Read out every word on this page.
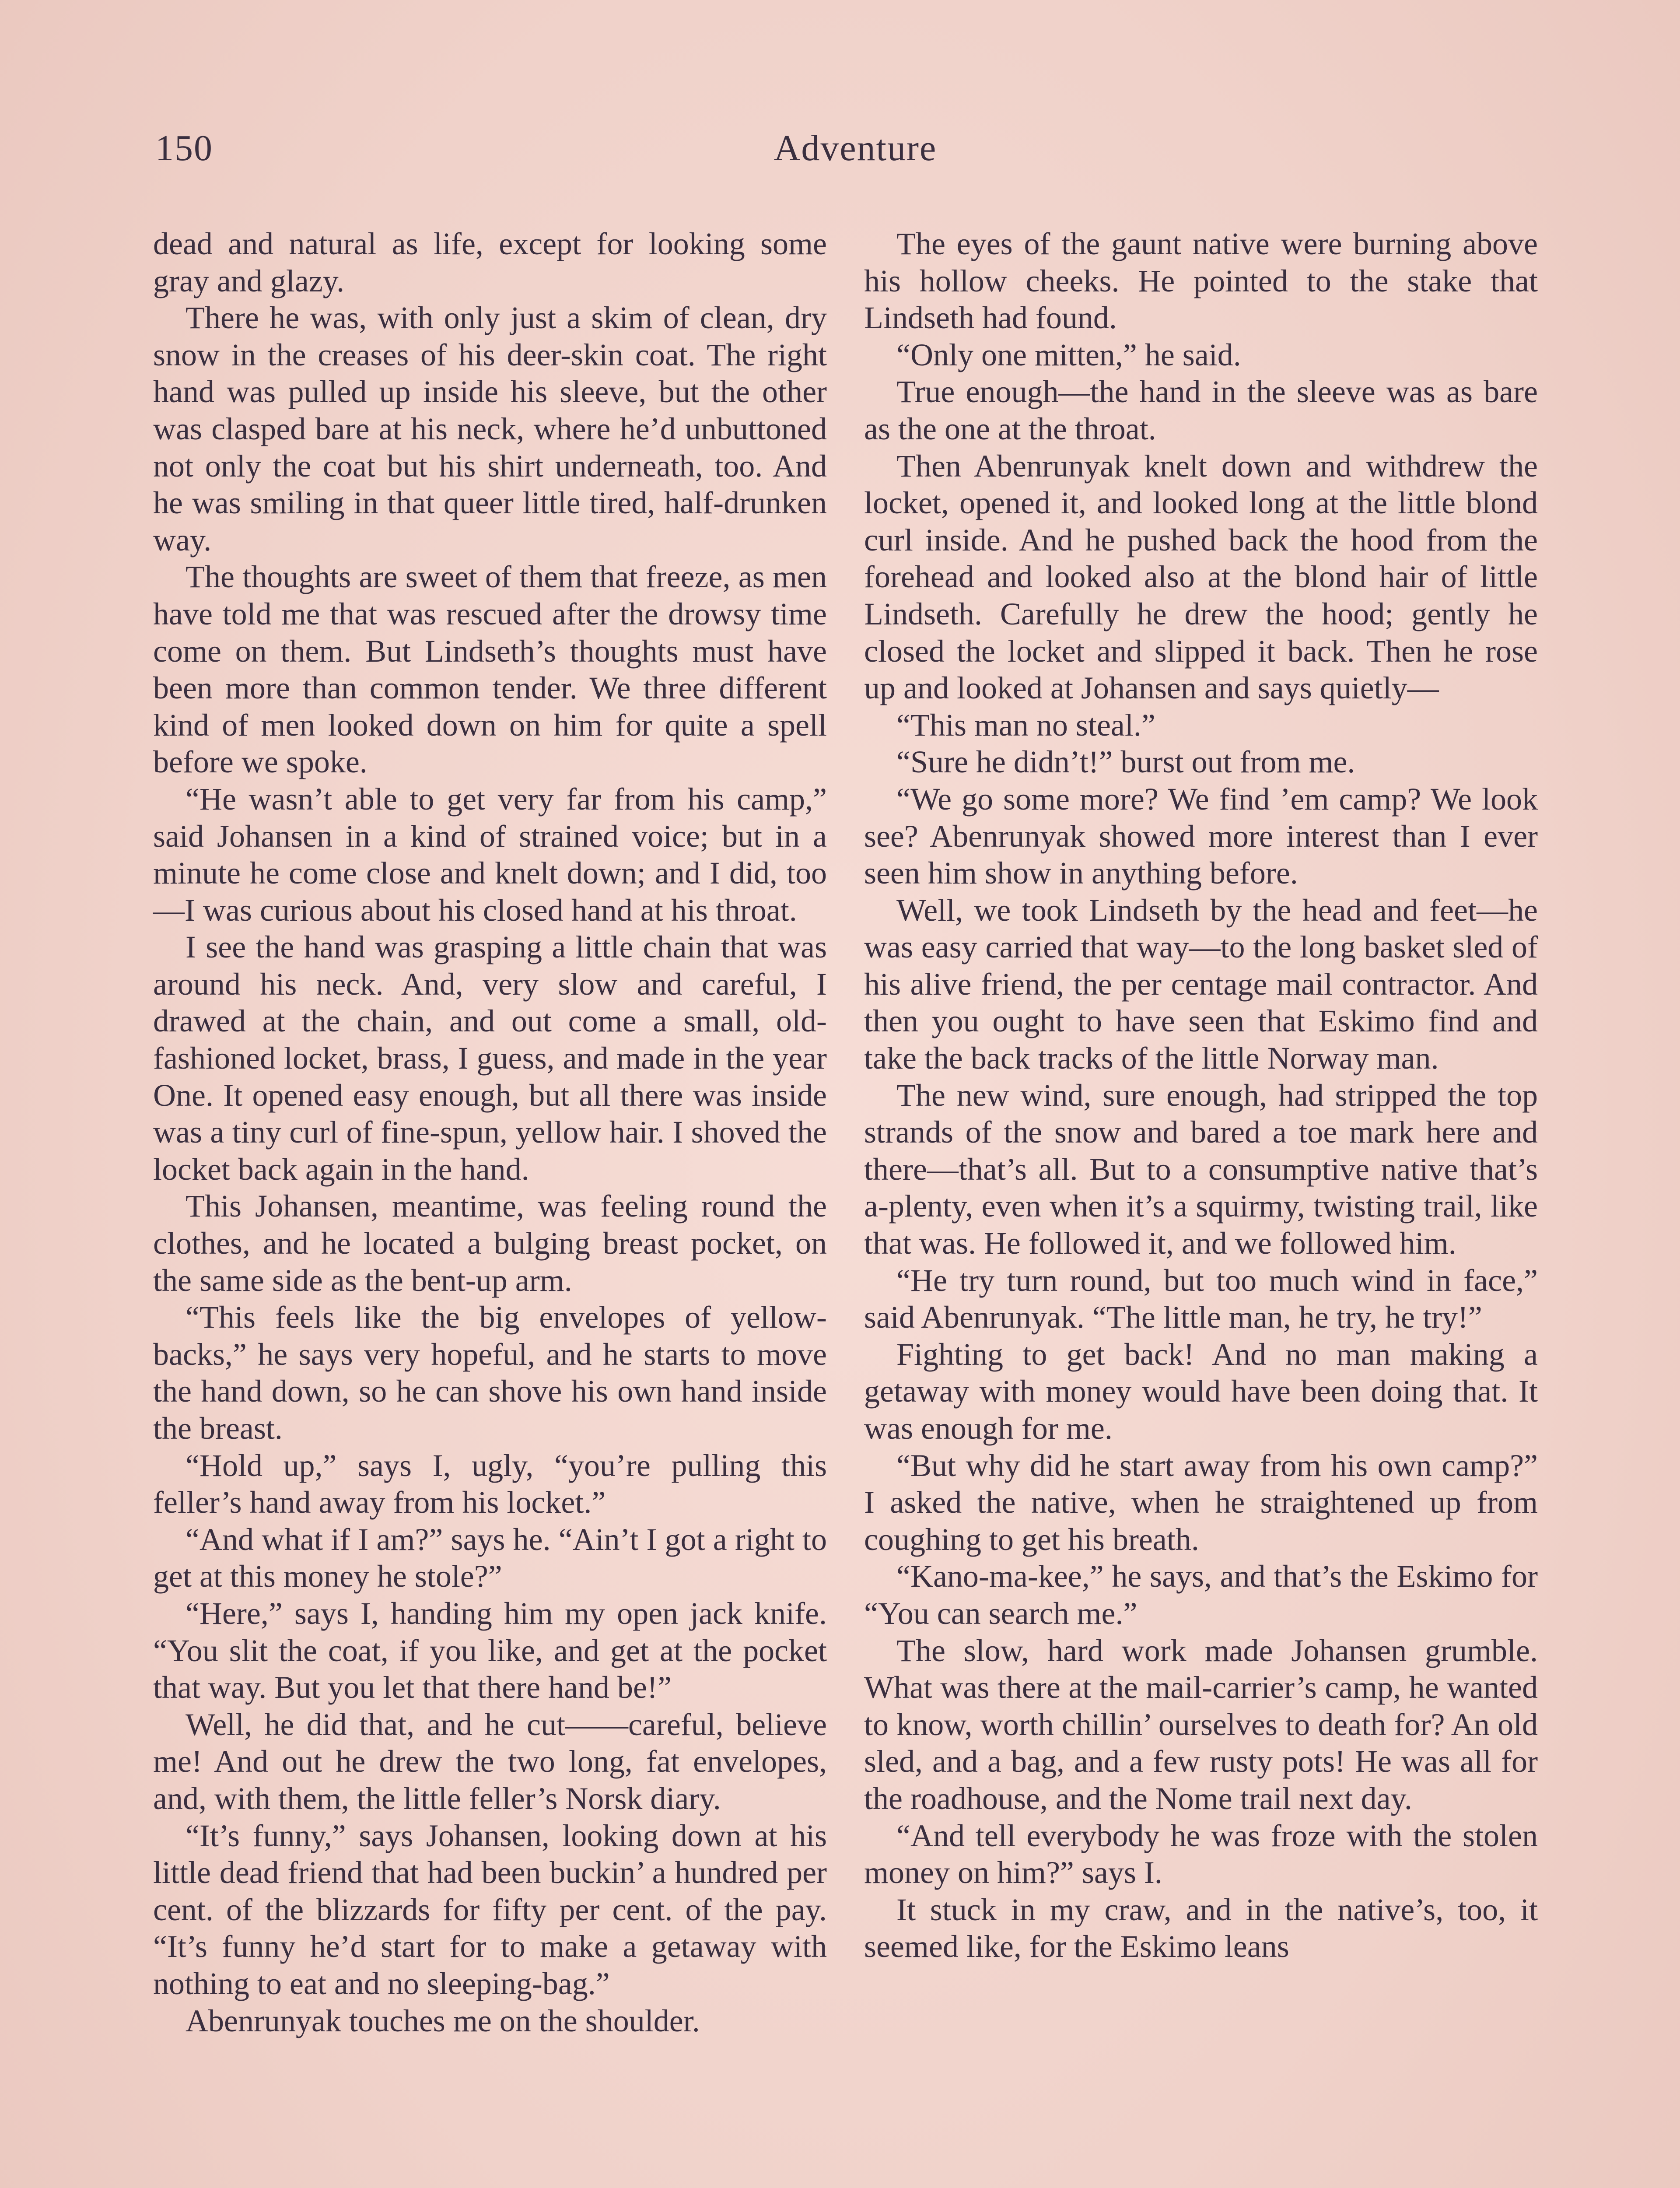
150	Adventure

dead and natural as life, except for looking some gray and glazy.

There he was, with only just a skim of clean, dry snow in the creases of his deer-skin coat. The right hand was pulled up inside his sleeve, but the other was clasped bare at his neck, where he’d unbuttoned not only the coat but his shirt underneath, too. And he was smiling in that queer little tired, half-drunken way.

The thoughts are sweet of them that freeze, as men have told me that was rescued after the drowsy time come on them. But Lindseth’s thoughts must have been more than common tender. We three different kind of men looked down on him for quite a spell before we spoke.

“He wasn’t able to get very far from his camp,” said Johansen in a kind of strained voice; but in a minute he come close and knelt down; and I did, too—I was curious about his closed hand at his throat.

I see the hand was grasping a little chain that was around his neck. And, very slow and careful, I drawed at the chain, and out come a small, old-fashioned locket, brass, I guess, and made in the year One. It opened easy enough, but all there was inside was a tiny curl of fine-spun, yellow hair. I shoved the locket back again in the hand.

This Johansen, meantime, was feeling round the clothes, and he located a bulging breast pocket, on the same side as the bent-up arm.

“This feels like the big envelopes of yellow-backs,” he says very hopeful, and he starts to move the hand down, so he can shove his own hand inside the breast.

“Hold up,” says I, ugly, “you’re pulling this feller’s hand away from his locket.”

“And what if I am?” says he. “Ain’t I got a right to get at this money he stole?”

“Here,” says I, handing him my open jack knife. “You slit the coat, if you like, and get at the pocket that way. But you let that there hand be!”

Well, he did that, and he cut——careful, believe me! And out he drew the two long, fat envelopes, and, with them, the little feller’s Norsk diary.

“It’s funny,” says Johansen, looking down at his little dead friend that had been buckin’ a hundred per cent. of the blizzards for fifty per cent. of the pay. “It’s funny he’d start for to make a getaway with nothing to eat and no sleeping-bag.”

Abenrunyak touches me on the shoulder.

The eyes of the gaunt native were burning above his hollow cheeks. He pointed to the stake that Lindseth had found.

“Only one mitten,” he said.

True enough—the hand in the sleeve was as bare as the one at the throat.

Then Abenrunyak knelt down and withdrew the locket, opened it, and looked long at the little blond curl inside. And he pushed back the hood from the forehead and looked also at the blond hair of little Lindseth. Carefully he drew the hood; gently he closed the locket and slipped it back. Then he rose up and looked at Johansen and says quietly—

“This man no steal.”

“Sure he didn’t!” burst out from me.

“We go some more? We find ’em camp? We look see? Abenrunyak showed more interest than I ever seen him show in anything before.

Well, we took Lindseth by the head and feet—he was easy carried that way—to the long basket sled of his alive friend, the per centage mail contractor. And then you ought to have seen that Eskimo find and take the back tracks of the little Norway man.

The new wind, sure enough, had stripped the top strands of the snow and bared a toe mark here and there—that’s all. But to a consumptive native that’s a-plenty, even when it’s a squirmy, twisting trail, like that was. He followed it, and we followed him.

“He try turn round, but too much wind in face,” said Abenrunyak. “The little man, he try, he try!”

Fighting to get back! And no man making a getaway with money would have been doing that. It was enough for me.

“But why did he start away from his own camp?” I asked the native, when he straightened up from coughing to get his breath.

“Kano-ma-kee,” he says, and that’s the Eskimo for “You can search me.”

The slow, hard work made Johansen grumble. What was there at the mail-carrier’s camp, he wanted to know, worth chillin’ ourselves to death for? An old sled, and a bag, and a few rusty pots! He was all for the roadhouse, and the Nome trail next day.

“And tell everybody he was froze with the stolen money on him?” says I.

It stuck in my craw, and in the native’s, too, it seemed like, for the Eskimo leans
